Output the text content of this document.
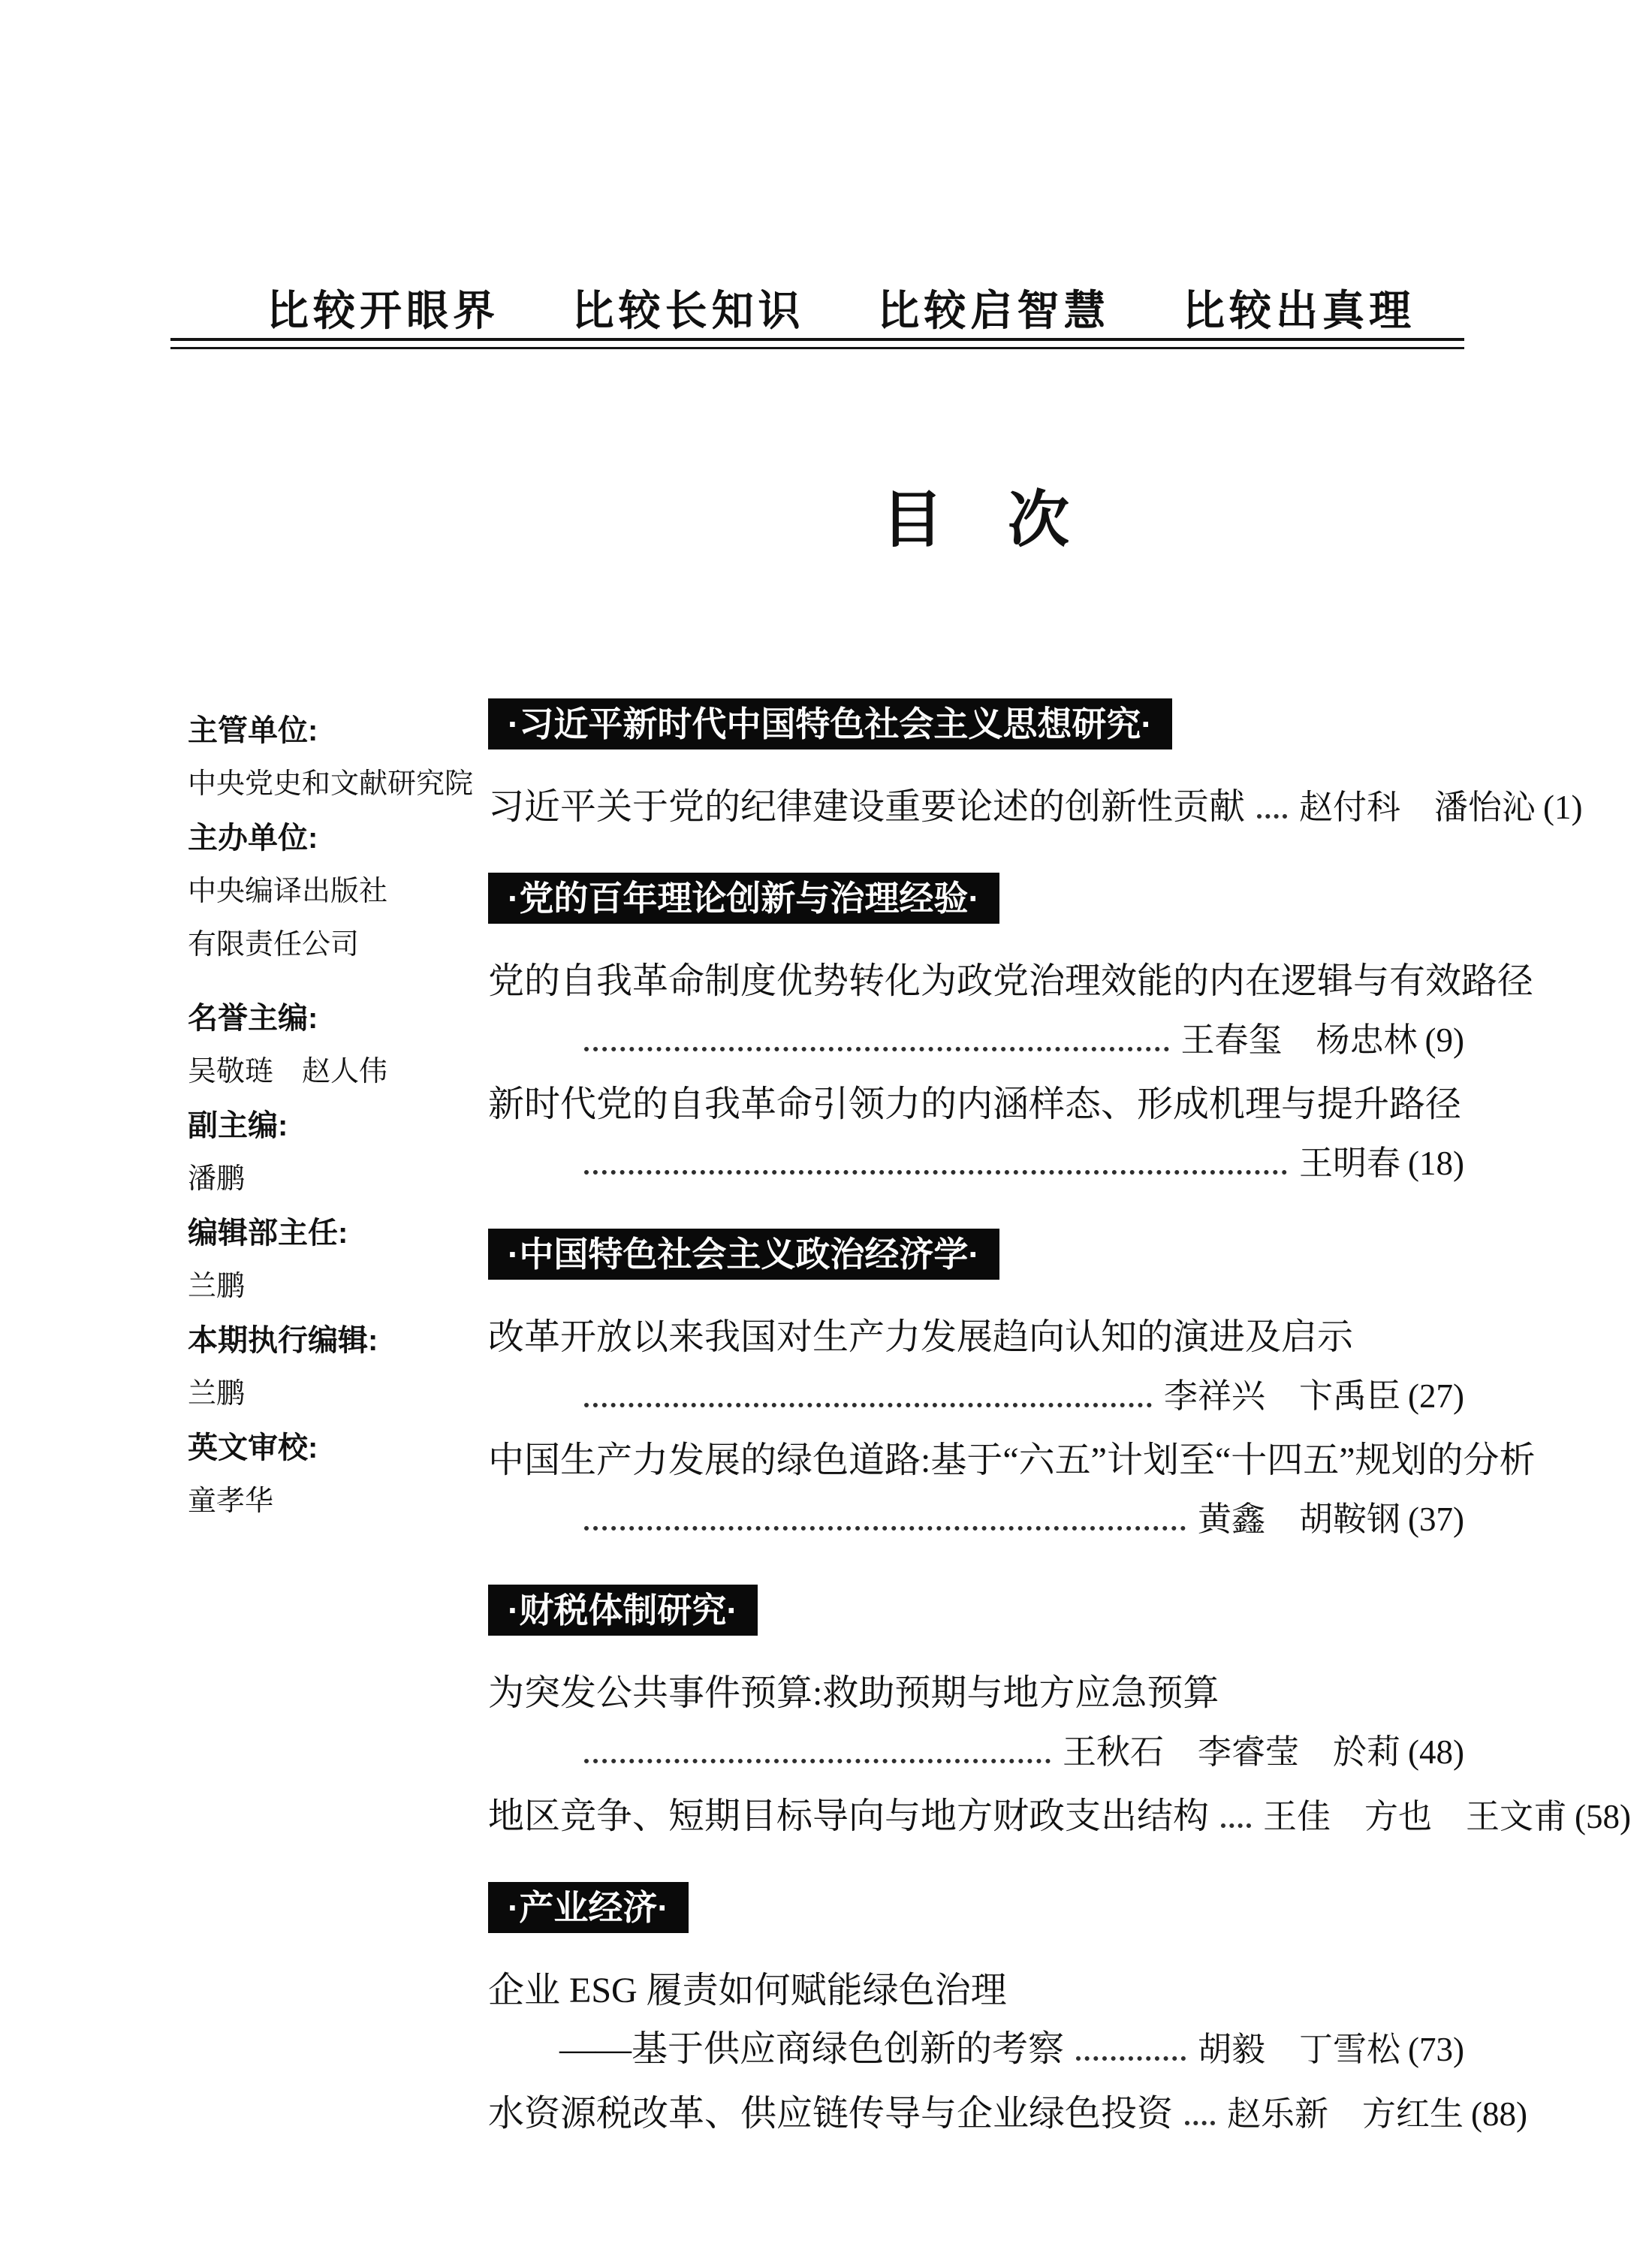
比较开眼界 比较长知识 比较启智慧 比较出真理
目　次
主管单位:
中央党史和文献研究院
主办单位:
中央编译出版社
有限责任公司
名誉主编:
吴敬琏　赵人伟
副主编:
潘鹏
编辑部主任:
兰鹏
本期执行编辑:
兰鹏
英文审校:
童孝华
·习近平新时代中国特色社会主义思想研究·
习近平关于党的纪律建设重要论述的创新性贡献 赵付科　潘怡沁 (1)
·党的百年理论创新与治理经验·
党的自我革命制度优势转化为政党治理效能的内在逻辑与有效路径
王春玺　杨忠林 (9)
新时代党的自我革命引领力的内涵样态、形成机理与提升路径
王明春 (18)
·中国特色社会主义政治经济学·
改革开放以来我国对生产力发展趋向认知的演进及启示
李祥兴　卞禹臣 (27)
中国生产力发展的绿色道路:基于“六五”计划至“十四五”规划的分析
黄鑫　胡鞍钢 (37)
·财税体制研究·
为突发公共事件预算:救助预期与地方应急预算
王秋石　李睿莹　於莉 (48)
地区竞争、短期目标导向与地方财政支出结构 王佳　方也　王文甫 (58)
·产业经济·
企业 ESG 履责如何赋能绿色治理
——基于供应商绿色创新的考察	胡毅　丁雪松 (73)
水资源税改革、供应链传导与企业绿色投资 赵乐新　方红生 (88)
